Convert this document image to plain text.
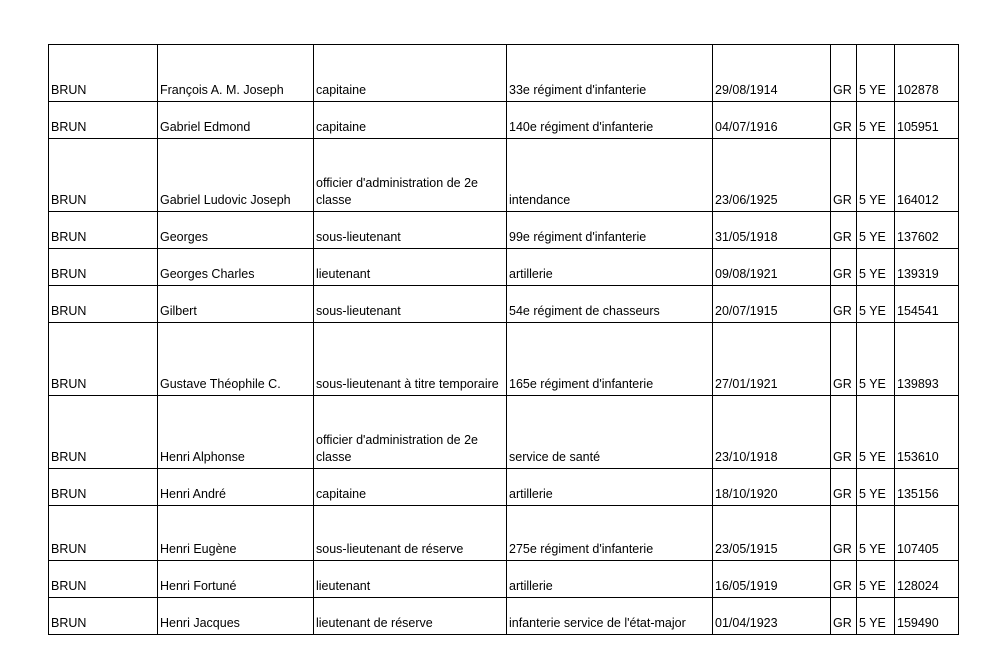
BRUN	François A. M. Joseph	capitaine	33e régiment d'infanterie	29/08/1914	GR	5 YE	102878
BRUN	Gabriel Edmond	capitaine	140e régiment d'infanterie	04/07/1916	GR	5 YE	105951
BRUN	Gabriel Ludovic Joseph	officier d'administration de 2e classe	intendance	23/06/1925	GR	5 YE	164012
BRUN	Georges	sous-lieutenant	99e régiment d'infanterie	31/05/1918	GR	5 YE	137602
BRUN	Georges Charles	lieutenant	artillerie	09/08/1921	GR	5 YE	139319
BRUN	Gilbert	sous-lieutenant	54e régiment de chasseurs	20/07/1915	GR	5 YE	154541
BRUN	Gustave Théophile C.	sous-lieutenant à titre temporaire	165e régiment d'infanterie	27/01/1921	GR	5 YE	139893
BRUN	Henri Alphonse	officier d'administration de 2e classe	service de santé	23/10/1918	GR	5 YE	153610
BRUN	Henri André	capitaine	artillerie	18/10/1920	GR	5 YE	135156
BRUN	Henri Eugène	sous-lieutenant de réserve	275e régiment d'infanterie	23/05/1915	GR	5 YE	107405
BRUN	Henri Fortuné	lieutenant	artillerie	16/05/1919	GR	5 YE	128024
BRUN	Henri Jacques	lieutenant de réserve	infanterie service de l'état-major	01/04/1923	GR	5 YE	159490
